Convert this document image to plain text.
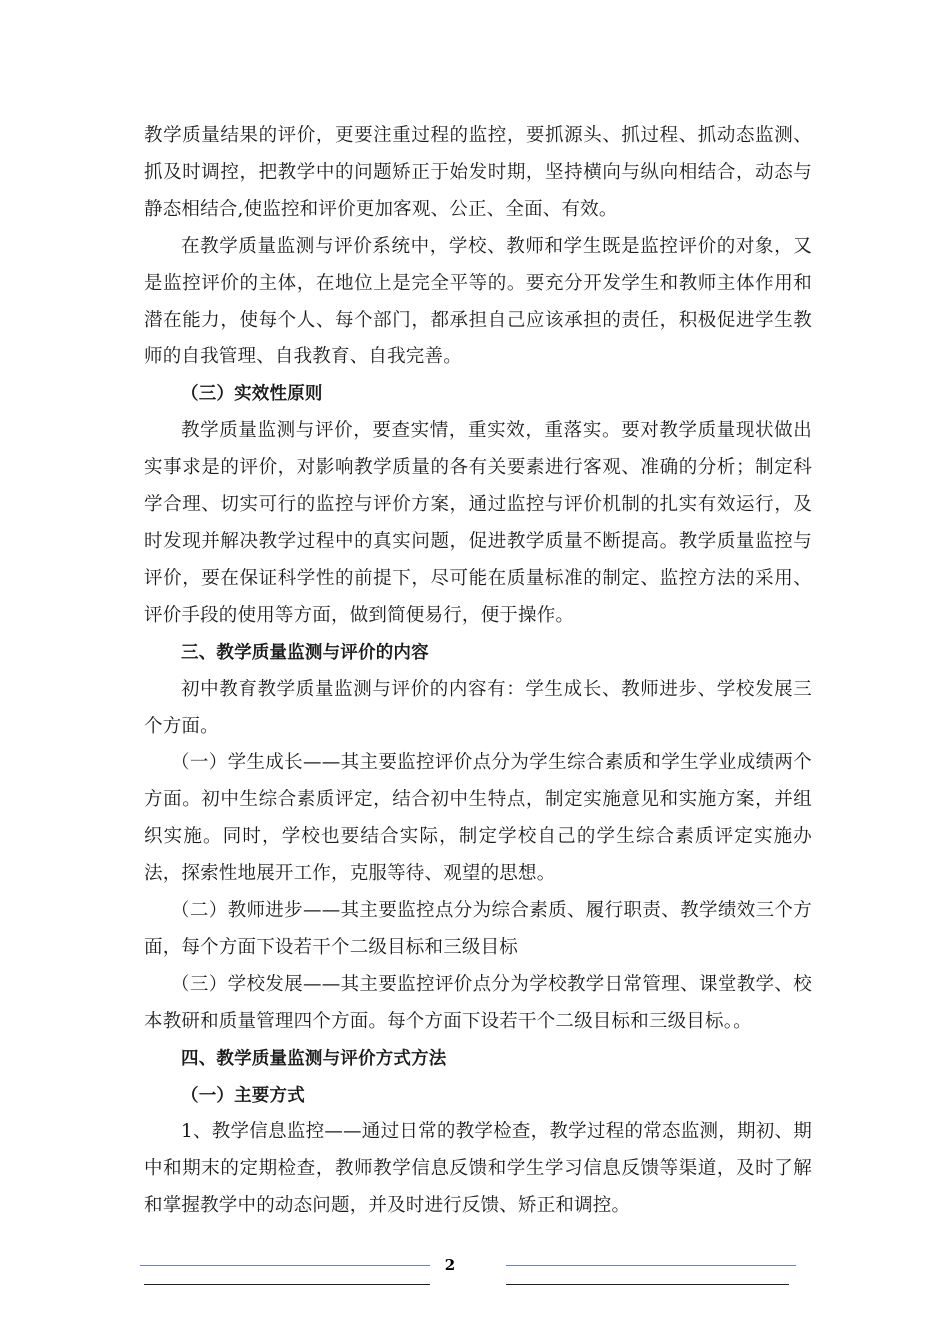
教学质量结果的评价，更要注重过程的监控，要抓源头、抓过程、抓动态监测、抓及时调控，把教学中的问题矫正于始发时期，坚持横向与纵向相结合，动态与静态相结合,使监控和评价更加客观、公正、全面、有效。

在教学质量监测与评价系统中，学校、教师和学生既是监控评价的对象，又是监控评价的主体，在地位上是完全平等的。要充分开发学生和教师主体作用和潜在能力，使每个人、每个部门，都承担自己应该承担的责任，积极促进学生教师的自我管理、自我教育、自我完善。

（三）实效性原则

教学质量监测与评价，要查实情，重实效，重落实。要对教学质量现状做出实事求是的评价，对影响教学质量的各有关要素进行客观、准确的分析；制定科学合理、切实可行的监控与评价方案，通过监控与评价机制的扎实有效运行，及时发现并解决教学过程中的真实问题，促进教学质量不断提高。教学质量监控与评价，要在保证科学性的前提下，尽可能在质量标准的制定、监控方法的采用、评价手段的使用等方面，做到简便易行，便于操作。

三、教学质量监测与评价的内容

初中教育教学质量监测与评价的内容有：学生成长、教师进步、学校发展三个方面。

（一）学生成长——其主要监控评价点分为学生综合素质和学生学业成绩两个方面。初中生综合素质评定，结合初中生特点，制定实施意见和实施方案，并组织实施。同时，学校也要结合实际，制定学校自己的学生综合素质评定实施办法，探索性地展开工作，克服等待、观望的思想。

（二）教师进步——其主要监控点分为综合素质、履行职责、教学绩效三个方面，每个方面下设若干个二级目标和三级目标

（三）学校发展——其主要监控评价点分为学校教学日常管理、课堂教学、校本教研和质量管理四个方面。每个方面下设若干个二级目标和三级目标。。

四、教学质量监测与评价方式方法

（一）主要方式

1、教学信息监控——通过日常的教学检查，教学过程的常态监测，期初、期中和期末的定期检查，教师教学信息反馈和学生学习信息反馈等渠道，及时了解和掌握教学中的动态问题，并及时进行反馈、矫正和调控。

2
